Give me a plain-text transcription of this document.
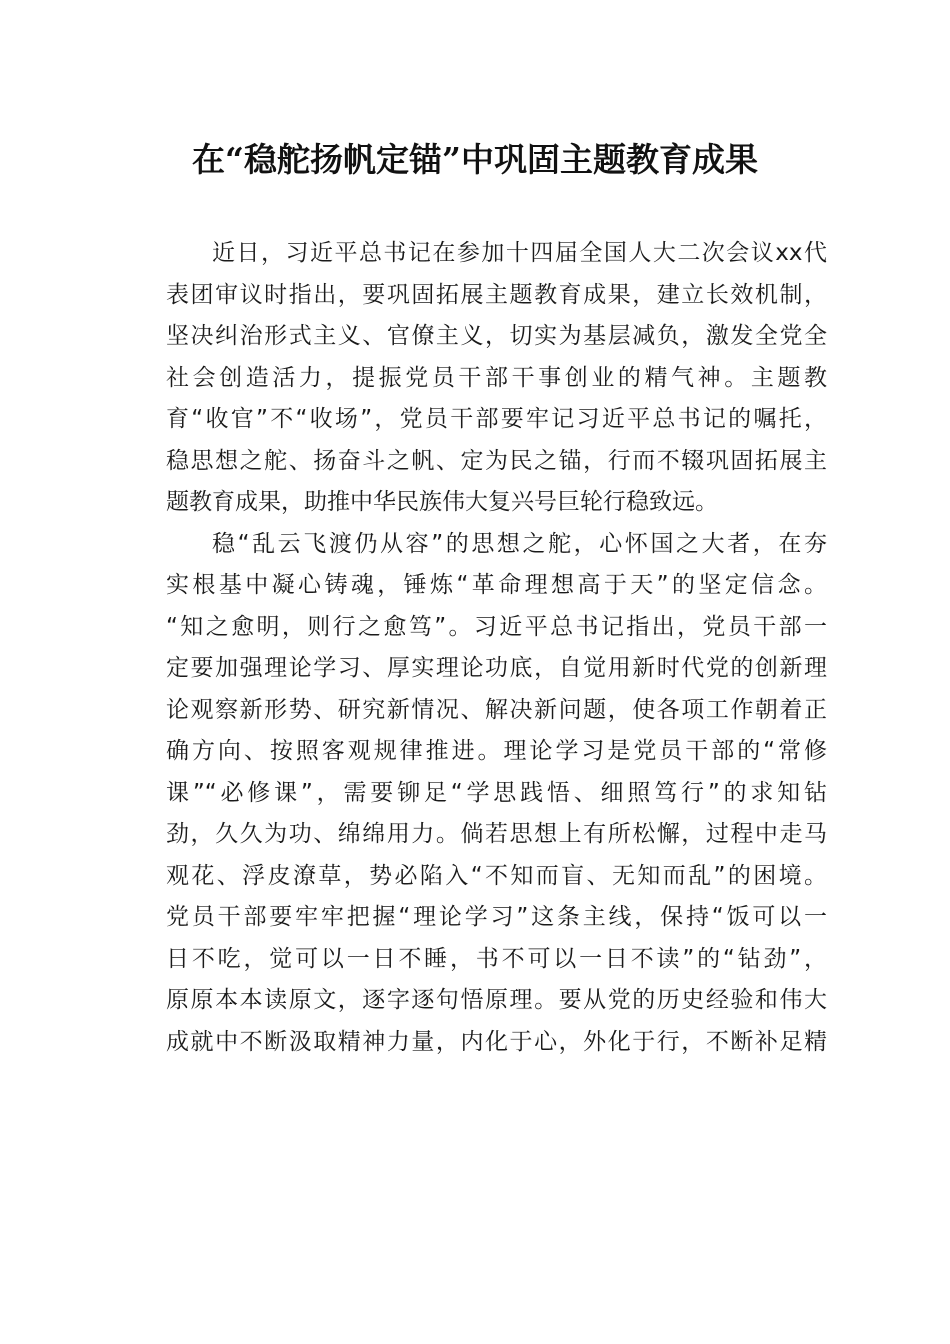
在“稳舵扬帆定锚”中巩固主题教育成果
近日，习近平总书记在参加十四届全国人大二次会议xx代
表团审议时指出，要巩固拓展主题教育成果，建立长效机制，
坚决纠治形式主义、官僚主义，切实为基层减负，激发全党全
社会创造活力，提振党员干部干事创业的精气神。主题教
育“收官”不“收场”，党员干部要牢记习近平总书记的嘱托，
稳思想之舵、扬奋斗之帆、定为民之锚，行而不辍巩固拓展主
题教育成果，助推中华民族伟大复兴号巨轮行稳致远。
稳“乱云飞渡仍从容”的思想之舵，心怀国之大者，在夯
实根基中凝心铸魂，锤炼“革命理想高于天”的坚定信念。
“知之愈明，则行之愈笃”。习近平总书记指出，党员干部一
定要加强理论学习、厚实理论功底，自觉用新时代党的创新理
论观察新形势、研究新情况、解决新问题，使各项工作朝着正
确方向、按照客观规律推进。理论学习是党员干部的“常修
课”“必修课”，需要铆足“学思践悟、细照笃行”的求知钻
劲，久久为功、绵绵用力。倘若思想上有所松懈，过程中走马
观花、浮皮潦草，势必陷入“不知而盲、无知而乱”的困境。
党员干部要牢牢把握“理论学习”这条主线，保持“饭可以一
日不吃，觉可以一日不睡，书不可以一日不读”的“钻劲”，
原原本本读原文，逐字逐句悟原理。要从党的历史经验和伟大
成就中不断汲取精神力量，内化于心，外化于行，不断补足精
